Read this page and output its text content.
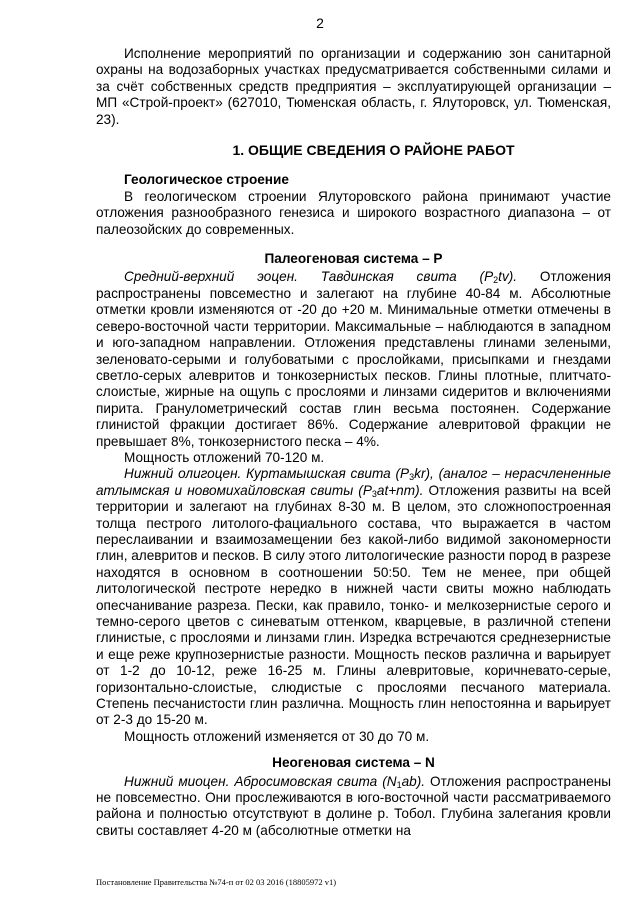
2

Исполнение мероприятий по организации и содержанию зон санитарной охраны на водозаборных участках предусматривается собственными силами и за счёт собственных средств предприятия – эксплуатирующей организации – МП «Строй-проект» (627010, Тюменская область, г. Ялуторовск, ул. Тюменская, 23).

1. ОБЩИЕ СВЕДЕНИЯ О РАЙОНЕ РАБОТ
Геологическое строение

В геологическом строении Ялуторовского района принимают участие отложения разнообразного генезиса и широкого возрастного диапазона – от палеозойских до современных.

Палеогеновая система – P

Средний-верхний эоцен. Тавдинская свита $(P_2tv)$. Отложения распространены повсеместно и залегают на глубине 40-84 м. Абсолютные отметки кровли изменяются от -20 до +20 м. Минимальные отметки отмечены в северо-восточной части территории. Максимальные – наблюдаются в западном и юго-западном направлении. Отложения представлены глинами зелеными, зеленовато-серыми и голубоватыми с прослойками, присыпками и гнездами светло-серых алевритов и тонкозернистых песков. Глины плотные, плитчато-слоистые, жирные на ощупь с прослоями и линзами сидеритов и включениями пирита. Гранулометрический состав глин весьма постоянен. Содержание глинистой фракции достигает 86%. Содержание алевритовой фракции не превышает 8%, тонкозернистого песка – 4%.

Мощность отложений 70-120 м.

Нижний олигоцен. Куртамышская свита $(P_3kr)$, (аналог – нерасчлененные атлымская и новомихайловская свиты $(P_3at+nm)$. Отложения развиты на всей территории и залегают на глубинах 8-30 м. В целом, это сложнопостроенная толща пестрого литолого-фациального состава, что выражается в частом переслаивании и взаимозамещении без какой-либо видимой закономерности глин, алевритов и песков. В силу этого литологические разности пород в разрезе находятся в основном в соотношении 50:50. Тем не менее, при общей литологической пестроте нередко в нижней части свиты можно наблюдать опесчанивание разреза. Пески, как правило, тонко- и мелкозернистые серого и темно-серого цветов с синеватым оттенком, кварцевые, в различной степени глинистые, с прослоями и линзами глин. Изредка встречаются среднезернистые и еще реже крупнозернистые разности. Мощность песков различна и варьирует от 1-2 до 10-12, реже 16-25 м. Глины алевритовые, коричневато-серые, горизонтально-слоистые, слюдистые с прослоями песчаного материала. Степень песчанистости глин различна. Мощность глин непостоянна и варьирует от 2-3 до 15-20 м.

Мощность отложений изменяется от 30 до 70 м.

Неогеновая система – N

Нижний миоцен. Абросимовская свита $(N_1ab)$. Отложения распространены не повсеместно. Они прослеживаются в юго-восточной части рассматриваемого района и полностью отсутствуют в долине р. Тобол. Глубина залегания кровли свиты составляет 4-20 м (абсолютные отметки на

Постановление Правительства №74-п от 02 03 2016 (18805972 v1)
